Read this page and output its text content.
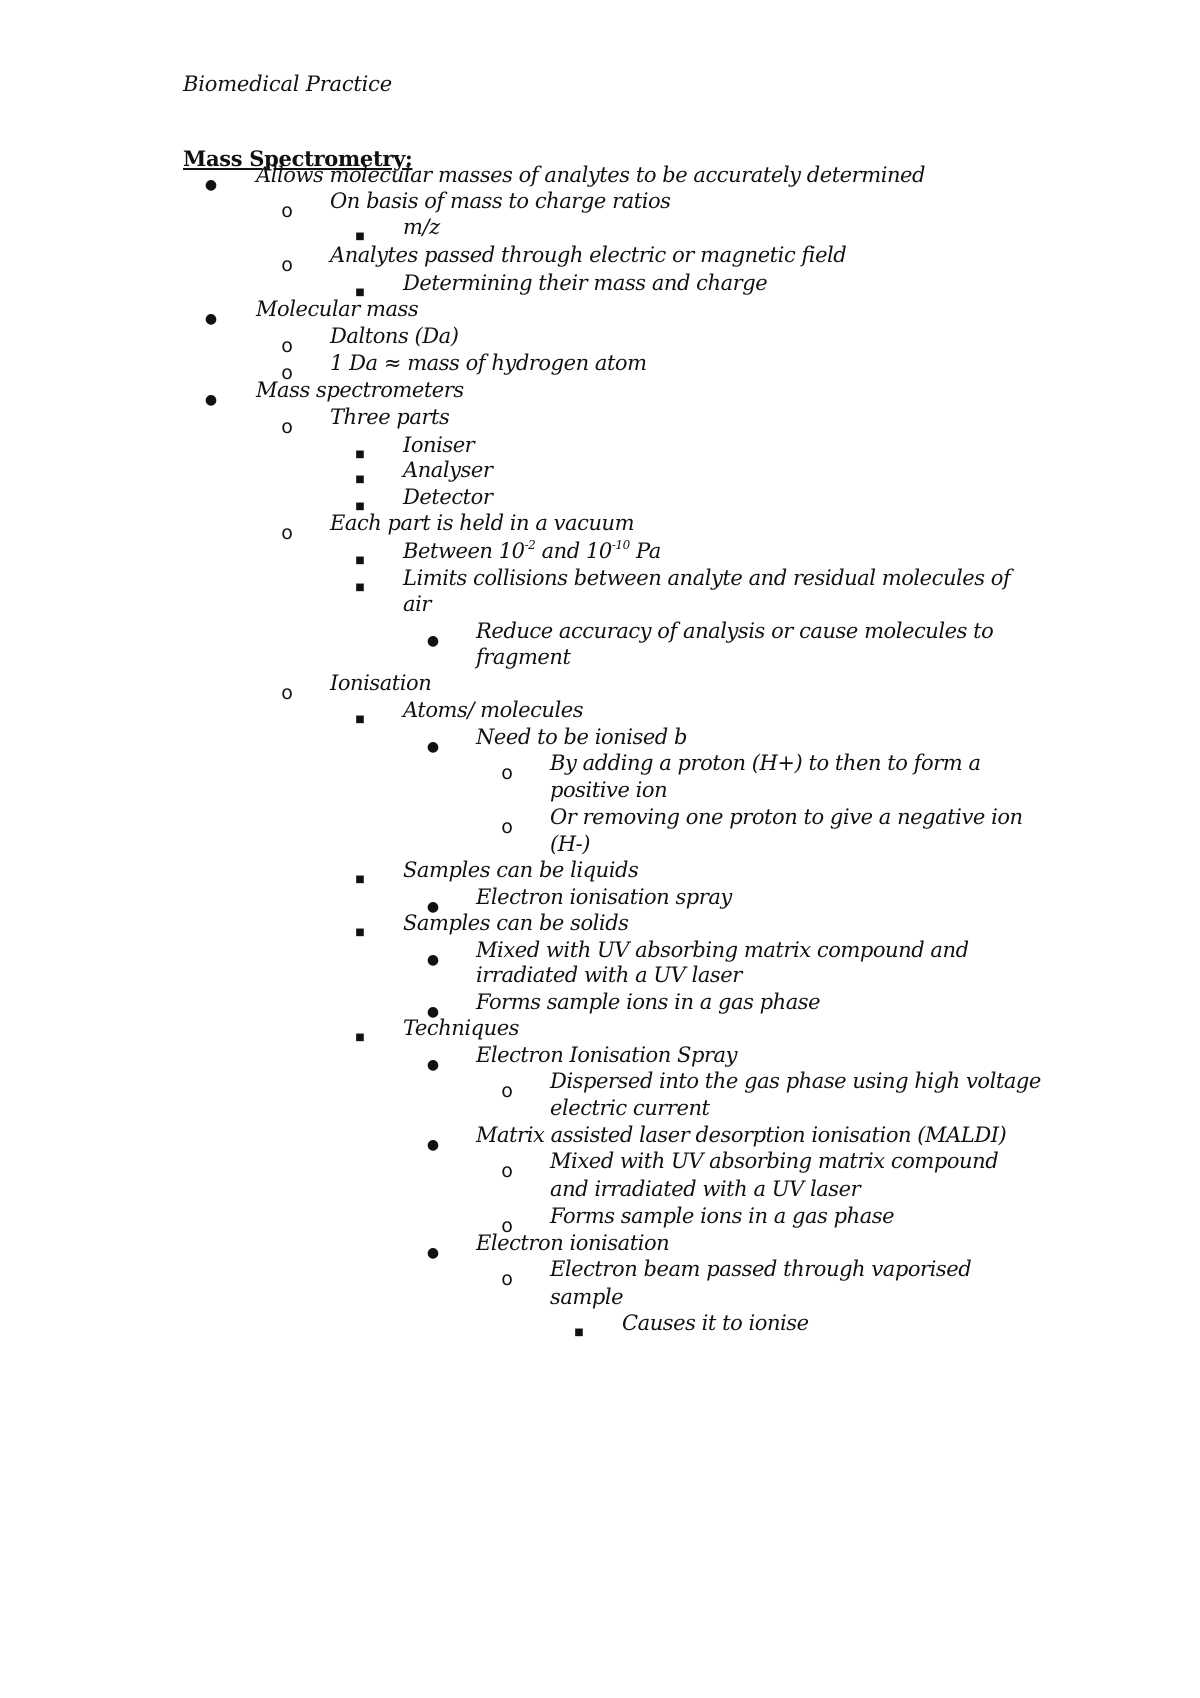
Biomedical Practice
Mass Spectrometry:
● Allows molecular masses of analytes to be accurately determined
o On basis of mass to charge ratios
■ m/z
o Analytes passed through electric or magnetic field
■ Determining their mass and charge
● Molecular mass
o Daltons (Da)
o 1 Da ≈ mass of hydrogen atom
● Mass spectrometers
o Three parts
■ Ioniser
■ Analyser
■ Detector
o Each part is held in a vacuum
■ Between $10^{-2}$ and $10^{-10}$ Pa
■ Limits collisions between analyte and residual molecules of
air
● Reduce accuracy of analysis or cause molecules to
fragment
o Ionisation
■ Atoms/ molecules
● Need to be ionised b
o By adding a proton (H+) to then to form a
positive ion
o Or removing one proton to give a negative ion
(H-)
■ Samples can be liquids
● Electron ionisation spray
■ Samples can be solids
● Mixed with UV absorbing matrix compound and
irradiated with a UV laser
● Forms sample ions in a gas phase
■ Techniques
● Electron Ionisation Spray
o Dispersed into the gas phase using high voltage
electric current
● Matrix assisted laser desorption ionisation (MALDI)
o Mixed with UV absorbing matrix compound
and irradiated with a UV laser
o Forms sample ions in a gas phase
● Electron ionisation
o Electron beam passed through vaporised
sample
■ Causes it to ionise
